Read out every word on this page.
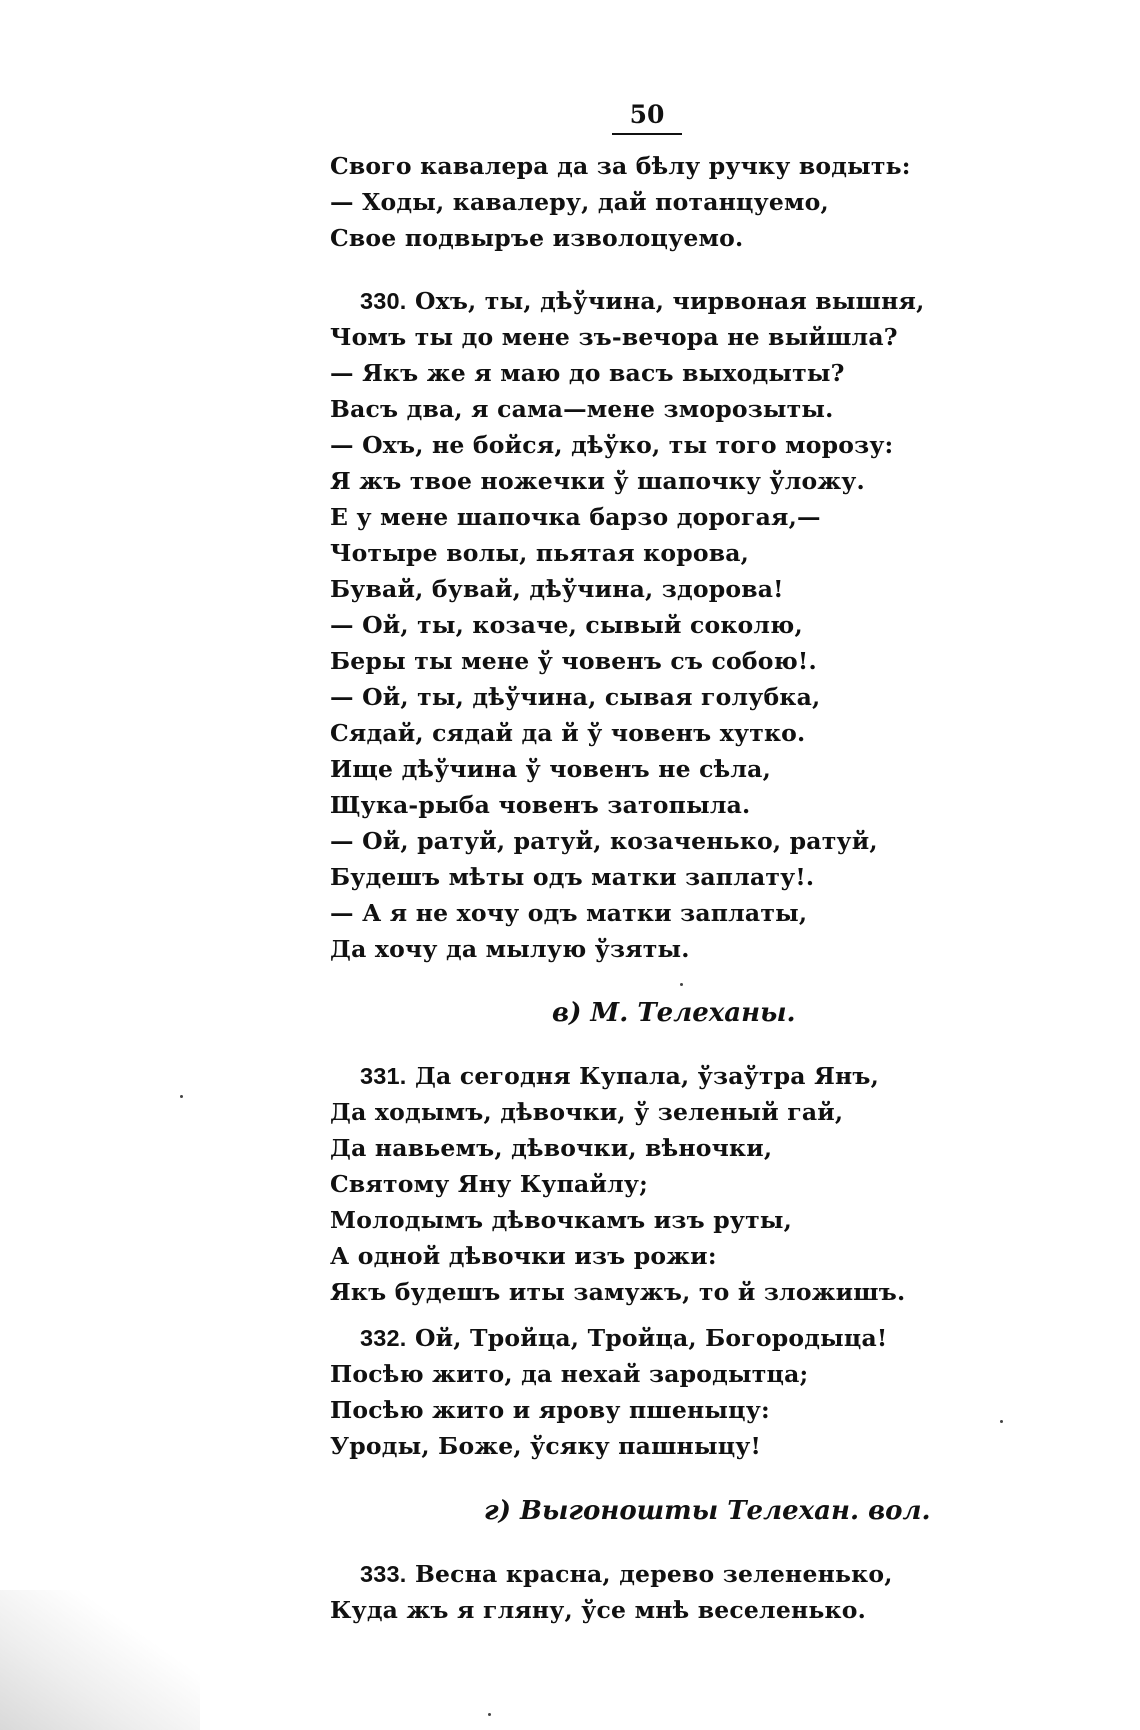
50
Свого кавалера да за бѣлу ручку водыть:
— Ходы, кавалеру, дай потанцуемо,
Свое подвыръе изволоцуемо.
330. Охъ, ты, дѣўчина, чирвоная вышня,
Чомъ ты до мене зъ-вечора не выйшла?
— Якъ же я маю до васъ выходыты?
Васъ два, я сама—мене зморозыты.
— Охъ, не бойся, дѣўко, ты того морозу:
Я жъ твое ножечки ў шапочку ўложу.
Е у мене шапочка барзо дорогая,—
Чотыре волы, пьятая корова,
Бувай, бувай, дѣўчина, здорова!
— Ой, ты, козаче, сывый соколю,
Беры ты мене ў човенъ съ собою!.
— Ой, ты, дѣўчина, сывая голубка,
Сядай, сядай да й ў човенъ хутко.
Ище дѣўчина ў човенъ не сѣла,
Щука-рыба човенъ затопыла.
— Ой, ратуй, ратуй, козаченько, ратуй,
Будешъ мѣты одъ матки заплату!.
— А я не хочу одъ матки заплаты,
Да хочу да мылую ўзяты.
в) М. Телеханы.
331. Да сегодня Купала, ўзаўтра Янъ,
Да ходымъ, дѣвочки, ў зеленый гай,
Да навьемъ, дѣвочки, вѣночки,
Святому Яну Купайлу;
Молодымъ дѣвочкамъ изъ руты,
А одной дѣвочки изъ рожи:
Якъ будешъ иты замужъ, то й зложишъ.
332. Ой, Тройца, Тройца, Богородыца!
Посѣю жито, да нехай зародытца;
Посѣю жито и ярову пшеныцу:
Уроды, Боже, ўсяку пашныцу!
г) Выгоношты Телехан. вол.
333. Весна красна, дерево зелененько,
Куда жъ я гляну, ўсе мнѣ веселенько.
